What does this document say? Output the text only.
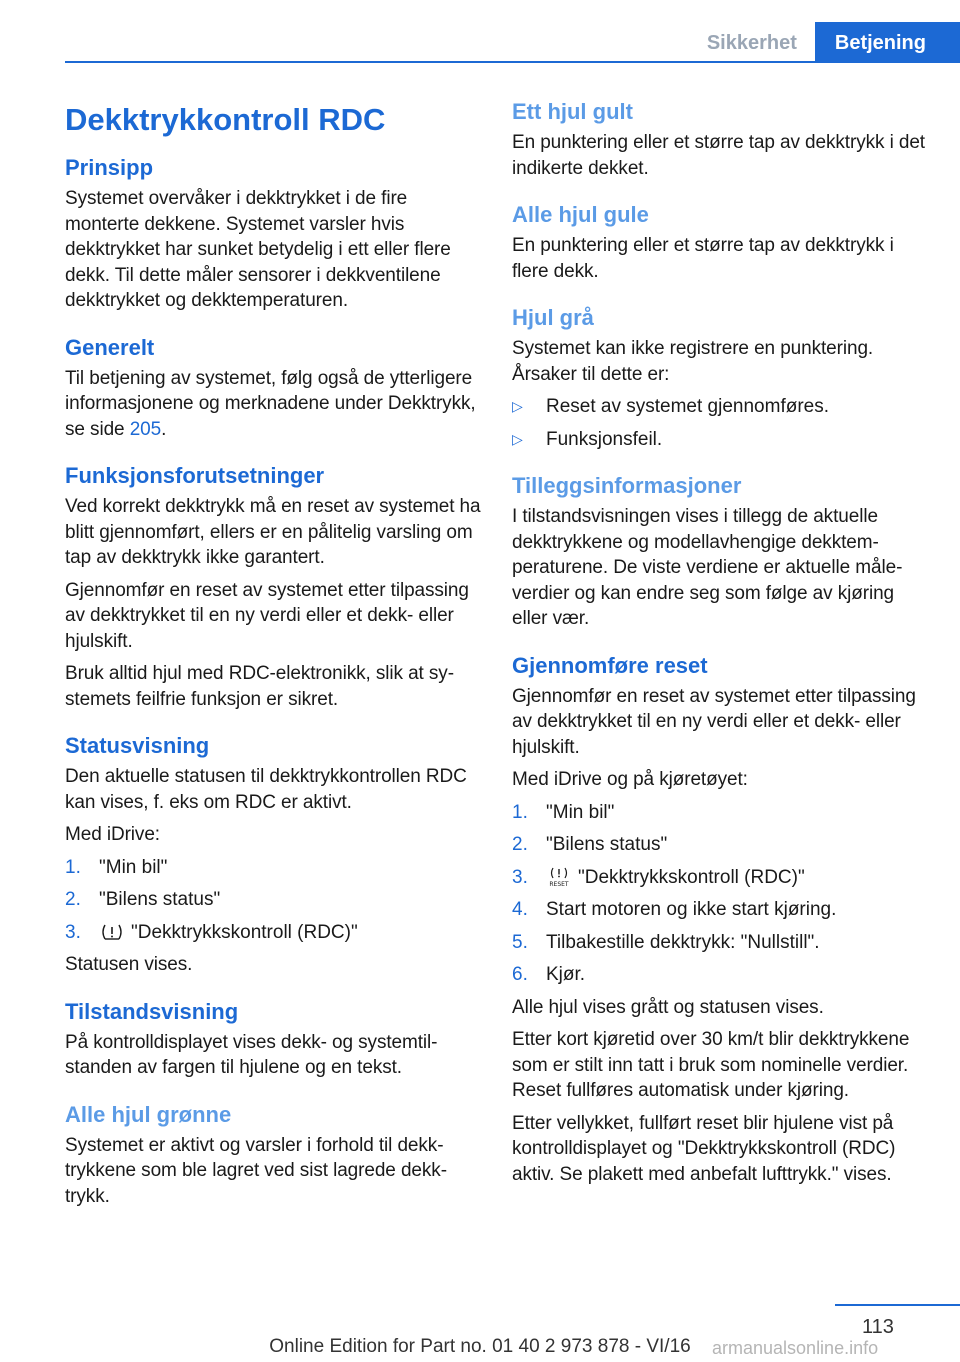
Sikkerhet	Betjening
Dekktrykkontroll RDC
Prinsipp

Systemet overvåker i dekktrykket i de fire monterte dekkene. Systemet varsler hvis dekktrykket har sunket betydelig i ett eller flere dekk. Til dette måler sensorer i dekkventilene dekktrykket og dekktemperaturen.

Generelt

Til betjening av systemet, følg også de ytterligere informasjonene og merknadene under Dekktrykk, se side 205.

Funksjonsforutsetninger

Ved korrekt dekktrykk må en reset av systemet ha blitt gjennomført, ellers er en pålitelig varsling om tap av dekktrykk ikke garantert.

Gjennomfør en reset av systemet etter tilpassing av dekktrykket til en ny verdi eller et dekk- eller hjulskift.

Bruk alltid hjul med RDC-elektronikk, slik at systemets feilfrie funksjon er sikret.

Statusvisning

Den aktuelle statusen til dekktrykkontrollen RDC kan vises, f. eks om RDC er aktivt.

Med iDrive:

1. "Min bil"
2. "Bilens status"
3.	"Dekktrykkskontroll (RDC)"

Statusen vises.

Tilstandsvisning

På kontrolldisplayet vises dekk- og systemtilstanden av fargen til hjulene og en tekst.

Alle hjul grønne

Systemet er aktivt og varsler i forhold til dekktrykkene som ble lagret ved sist lagrede dekktrykk.

Ett hjul gult

En punktering eller et større tap av dekktrykk i det indikerte dekket.

Alle hjul gule

En punktering eller et større tap av dekktrykk i flere dekk.

Hjul grå

Systemet kan ikke registrere en punktering. Årsaker til dette er:

▷	Reset av systemet gjennomføres.
▷	Funksjonsfeil.
Tilleggsinformasjoner

I tilstandsvisningen vises i tillegg de aktuelle dekktrykkene og modellavhengige dekktemperaturene. De viste verdiene er aktuelle måleverdier og kan endre seg som følge av kjøring eller vær.

Gjennomføre reset

Gjennomfør en reset av systemet etter tilpassing av dekktrykket til en ny verdi eller et dekk- eller hjulskift.

Med iDrive og på kjøretøyet:

1. "Min bil"
2. "Bilens status"
3.	RESET "Dekktrykkskontroll (RDC)"
4. Start motoren og ikke start kjøring.
5. Tilbakestille dekktrykk: "Nullstill".
6. Kjør.

Alle hjul vises grått og statusen vises.

Etter kort kjøretid over 30 km/t blir dekktrykkene som er stilt inn tatt i bruk som nominelle verdier. Reset fullføres automatisk under kjøring.

Etter vellykket, fullført reset blir hjulene vist på kontrolldisplayet og "Dekktrykkskontroll (RDC) aktiv. Se plakett med anbefalt lufttrykk." vises.

113
Online Edition for Part no. 01 40 2 973 878 - VI/16	armanualsonline.info
